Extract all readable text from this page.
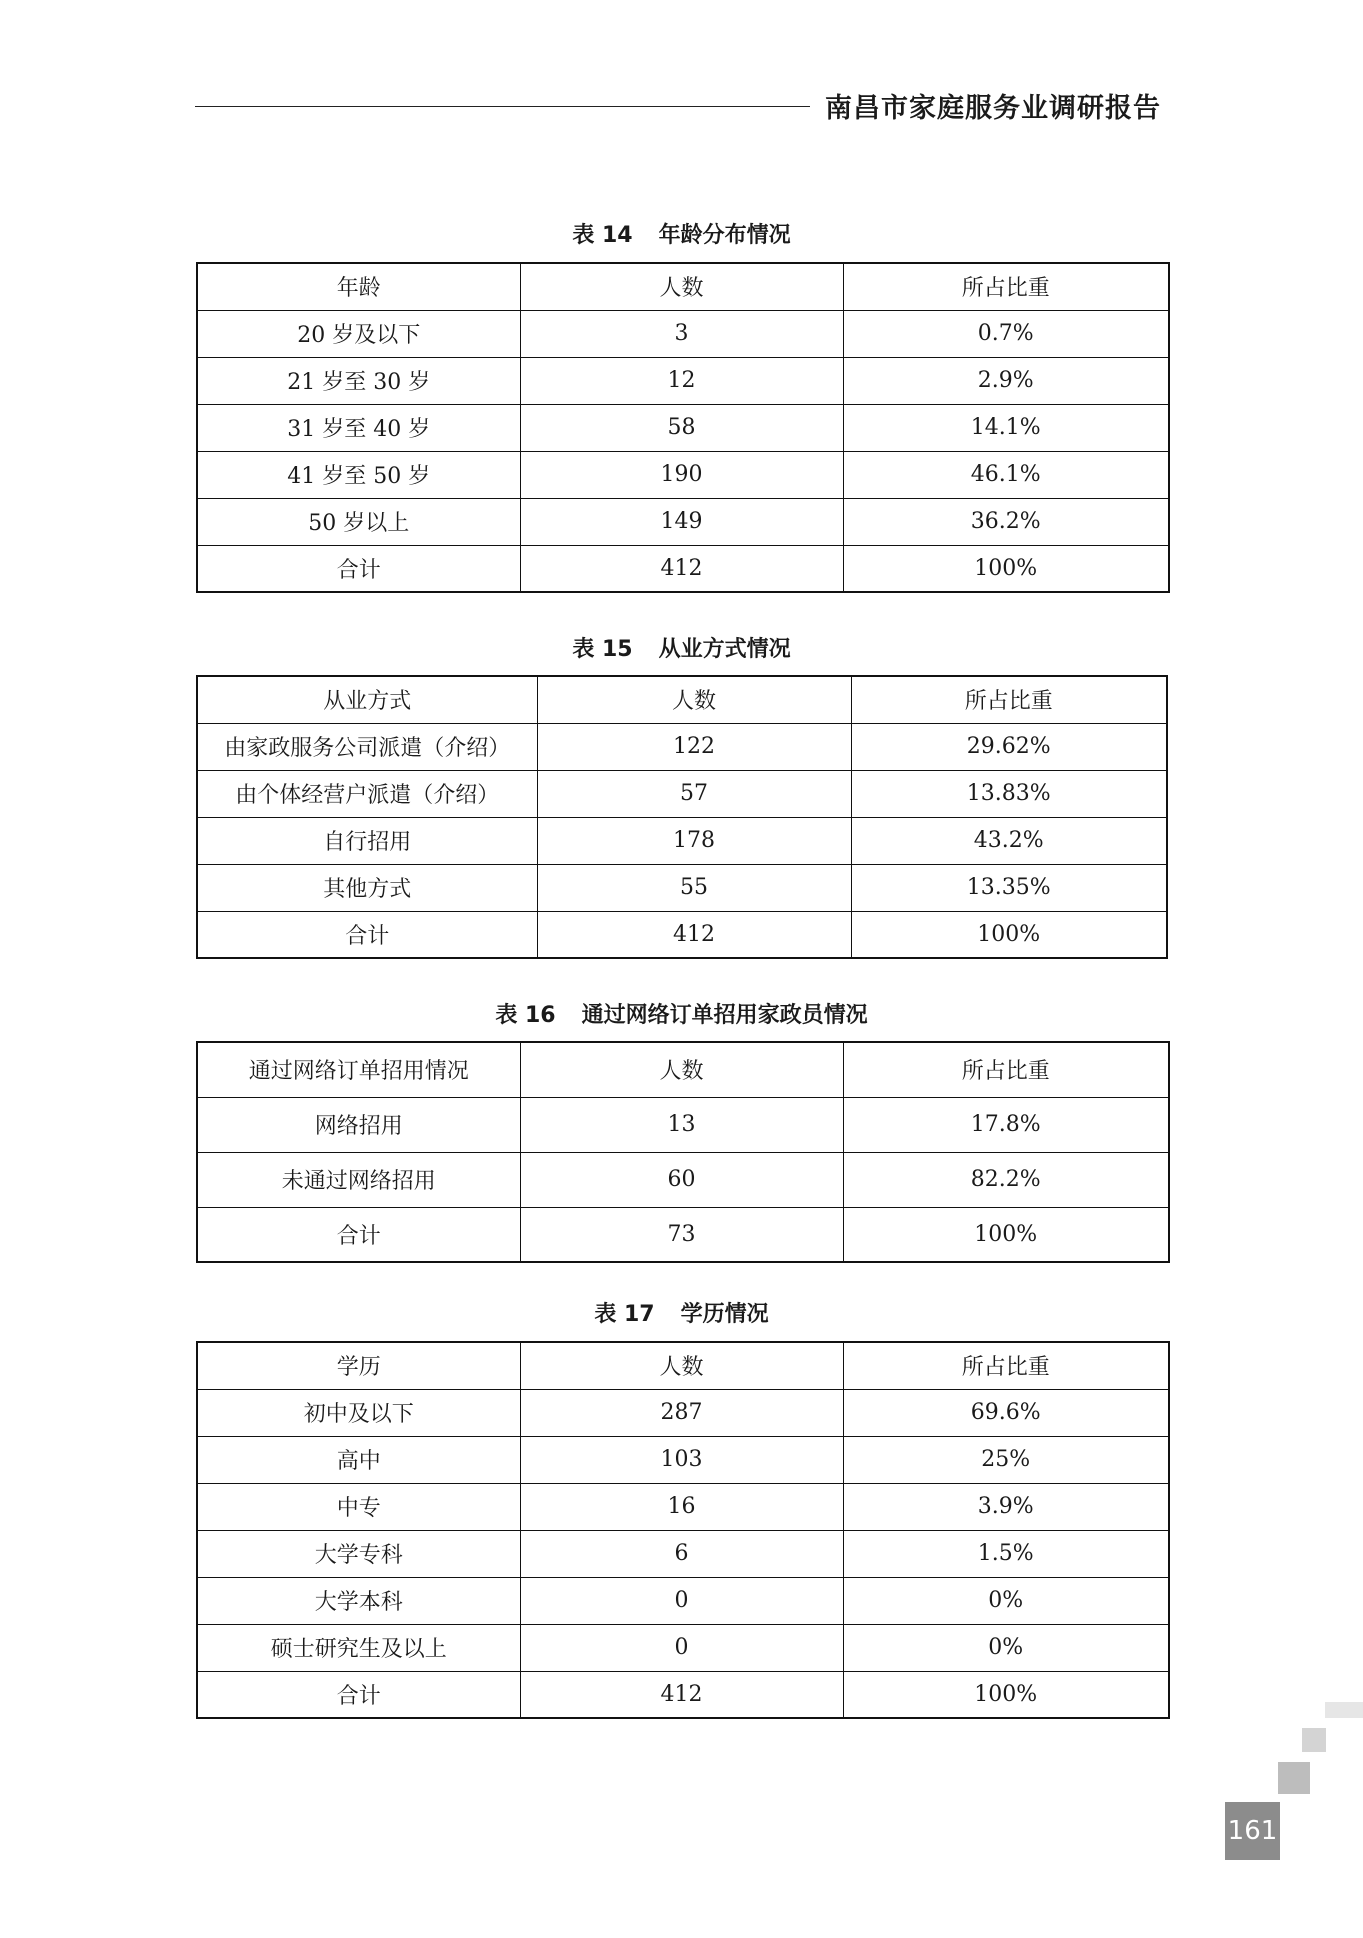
南昌市家庭服务业调研报告
表 14 年龄分布情况
年龄	人数	所占比重
20 岁及以下	3	0.7%
21 岁至 30 岁	12	2.9%
31 岁至 40 岁	58	14.1%
41 岁至 50 岁	190	46.1%
50 岁以上	149	36.2%
合计	412	100%
表 15 从业方式情况
从业方式	人数	所占比重
由家政服务公司派遣（介绍）	122	29.62%
由个体经营户派遣（介绍）	57	13.83%
自行招用	178	43.2%
其他方式	55	13.35%
合计	412	100%
表 16 通过网络订单招用家政员情况
通过网络订单招用情况	人数	所占比重
网络招用	13	17.8%
未通过网络招用	60	82.2%
合计	73	100%
表 17 学历情况
学历	人数	所占比重
初中及以下	287	69.6%
高中	103	25%
中专	16	3.9%
大学专科	6	1.5%
大学本科	0	0%
硕士研究生及以上	0	0%
合计	412	100%
161
